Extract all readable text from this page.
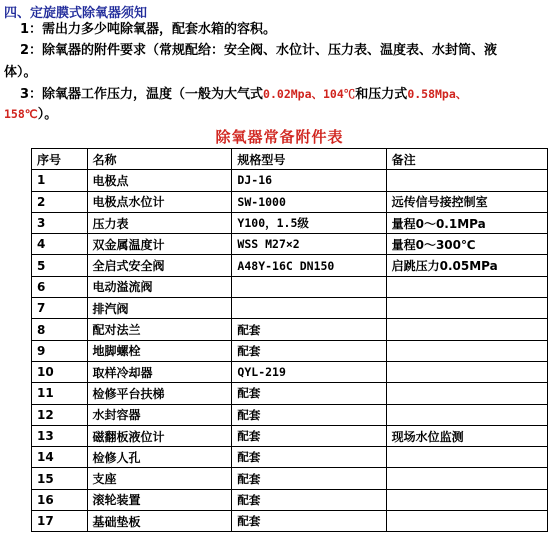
四、定旋膜式除氧器须知
1：需出力多少吨除氧器，配套水箱的容积。
2：除氧器的附件要求（常规配给：安全阀、水位计、压力表、温度表、水封筒、液
体）。
3：除氧器工作压力，温度（一般为大气式0.02Mpa、104℃和压力式0.58Mpa、
158℃）。
除氧器常备附件表
序号	名称	规格型号	备注
1	电极点	DJ-16	
2	电极点水位计	SW-1000	远传信号接控制室
3	压力表	Y100，1.5级	量程0～0.1MPa
4	双金属温度计	WSS M27×2	量程0～300℃
5	全启式安全阀	A48Y-16C DN150	启跳压力0.05MPa
6	电动溢流阀		
7	排汽阀		
8	配对法兰	配套	
9	地脚螺栓	配套	
10	取样冷却器	QYL-219	
11	检修平台扶梯	配套	
12	水封容器	配套	
13	磁翻板液位计	配套	现场水位监测
14	检修人孔	配套	
15	支座	配套	
16	滚轮装置	配套	
17	基础垫板	配套	
